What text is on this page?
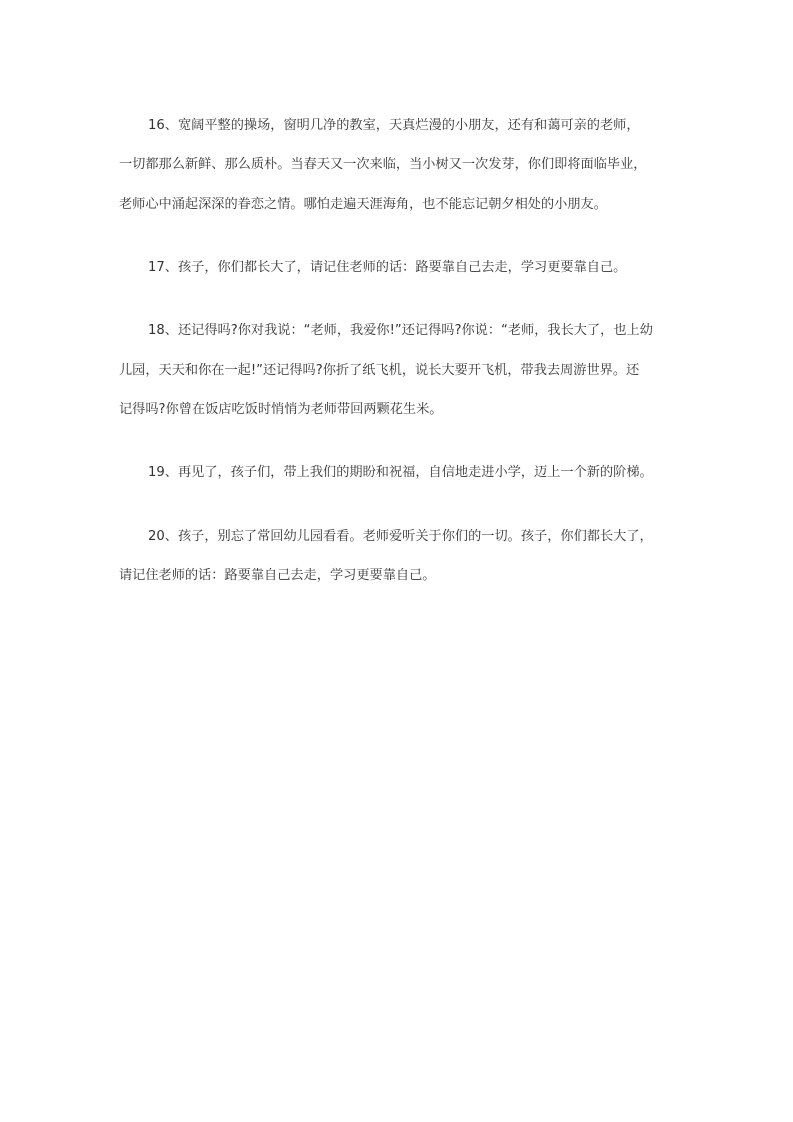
16、宽阔平整的操场，窗明几净的教室，天真烂漫的小朋友，还有和蔼可亲的老师，
一切都那么新鲜、那么质朴。当春天又一次来临，当小树又一次发芽，你们即将面临毕业，
老师心中涌起深深的眷恋之情。哪怕走遍天涯海角，也不能忘记朝夕相处的小朋友。
17、孩子，你们都长大了，请记住老师的话：路要靠自己去走，学习更要靠自己。
18、还记得吗?你对我说：“老师，我爱你!”还记得吗?你说：“老师，我长大了，也上幼
儿园，天天和你在一起!”还记得吗?你折了纸飞机，说长大要开飞机，带我去周游世界。还
记得吗?你曾在饭店吃饭时悄悄为老师带回两颗花生米。
19、再见了，孩子们，带上我们的期盼和祝福，自信地走进小学，迈上一个新的阶梯。
20、孩子，别忘了常回幼儿园看看。老师爱听关于你们的一切。孩子，你们都长大了，
请记住老师的话：路要靠自己去走，学习更要靠自己。
